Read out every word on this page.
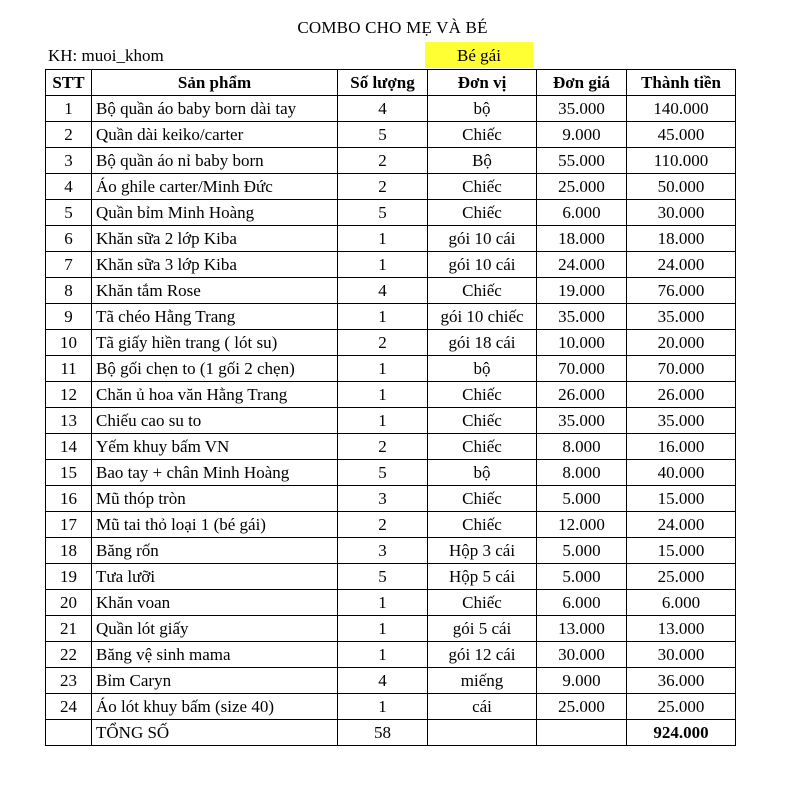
COMBO CHO MẸ VÀ BÉ
KH: muoi_khom	Bé gái
STT	Sản phẩm	Số lượng	Đơn vị	Đơn giá	Thành tiền
1	Bộ quần áo baby born dài tay	4	bộ	35.000	140.000
2	Quần dài keiko/carter	5	Chiếc	9.000	45.000
3	Bộ quần áo nỉ baby born	2	Bộ	55.000	110.000
4	Áo ghile carter/Minh Đức	2	Chiếc	25.000	50.000
5	Quần bỉm Minh Hoàng	5	Chiếc	6.000	30.000
6	Khăn sữa 2 lớp Kiba	1	gói 10 cái	18.000	18.000
7	Khăn sữa 3 lớp Kiba	1	gói 10 cái	24.000	24.000
8	Khăn tắm Rose	4	Chiếc	19.000	76.000
9	Tã chéo Hằng Trang	1	gói 10 chiếc	35.000	35.000
10	Tã giấy hiền trang ( lót su)	2	gói 18 cái	10.000	20.000
11	Bộ gối chẹn to (1 gối 2 chẹn)	1	bộ	70.000	70.000
12	Chăn ủ hoa văn Hằng Trang	1	Chiếc	26.000	26.000
13	Chiếu cao su to	1	Chiếc	35.000	35.000
14	Yếm khuy bấm VN	2	Chiếc	8.000	16.000
15	Bao tay + chân Minh Hoàng	5	bộ	8.000	40.000
16	Mũ thóp tròn	3	Chiếc	5.000	15.000
17	Mũ tai thỏ loại 1 (bé gái)	2	Chiếc	12.000	24.000
18	Băng rốn	3	Hộp 3 cái	5.000	15.000
19	Tưa lưỡi	5	Hộp 5 cái	5.000	25.000
20	Khăn voan	1	Chiếc	6.000	6.000
21	Quần lót giấy	1	gói 5 cái	13.000	13.000
22	Băng vệ sinh mama	1	gói 12 cái	30.000	30.000
23	Bỉm Caryn	4	miếng	9.000	36.000
24	Áo lót khuy bấm (size 40)	1	cái	25.000	25.000
	TỔNG SỐ	58			924.000
